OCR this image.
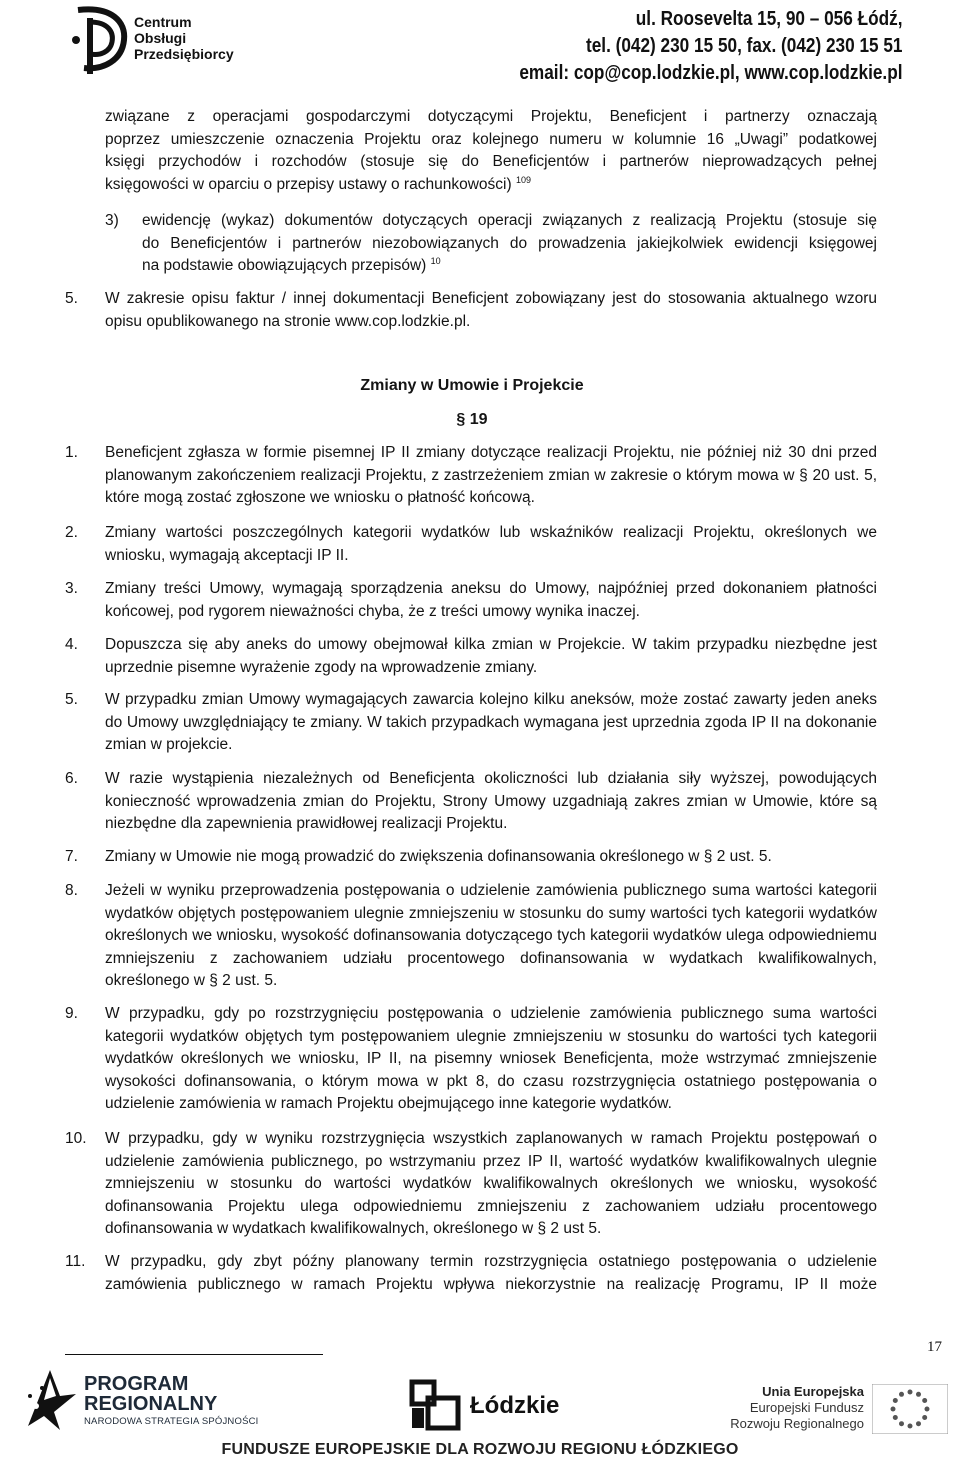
Centrum
Obsługi
Przedsiębiorcy
ul. Roosevelta 15, 90 – 056 Łódź,
tel. (042) 230 15 50, fax. (042) 230 15 51
email: cop@cop.lodzkie.pl, www.cop.lodzkie.pl
związane z operacjami gospodarczymi dotyczącymi Projektu, Beneficjent i partnerzy oznaczają
poprzez umieszczenie oznaczenia Projektu oraz kolejnego numeru w kolumnie 16 „Uwagi” podatkowej
księgi przychodów i rozchodów (stosuje się do Beneficjentów i partnerów nieprowadzących pełnej
księgowości w oparciu o przepisy ustawy o rachunkowości) $^{109}$
3) ewidencję (wykaz) dokumentów dotyczących operacji związanych z realizacją Projektu (stosuje się
do Beneficjentów i partnerów niezobowiązanych do prowadzenia jakiejkolwiek ewidencji księgowej
na podstawie obowiązujących przepisów) $^{10}$
5. W zakresie opisu faktur / innej dokumentacji Beneficjent zobowiązany jest do stosowania aktualnego wzoru opisu opublikowanego na stronie www.cop.lodzkie.pl.
Zmiany w Umowie i Projekcie
§ 19
1. Beneficjent zgłasza w formie pisemnej IP II zmiany dotyczące realizacji Projektu, nie później niż 30 dni przed planowanym zakończeniem realizacji Projektu, z zastrzeżeniem zmian w zakresie o którym mowa w § 20 ust. 5, które mogą zostać zgłoszone we wniosku o płatność końcową.
2. Zmiany wartości poszczególnych kategorii wydatków lub wskaźników realizacji Projektu, określonych we wniosku, wymagają akceptacji IP II.
3. Zmiany treści Umowy, wymagają sporządzenia aneksu do Umowy, najpóźniej przed dokonaniem płatności końcowej, pod rygorem nieważności chyba, że z treści umowy wynika inaczej.
4. Dopuszcza się aby aneks do umowy obejmował kilka zmian w Projekcie. W takim przypadku niezbędne jest uprzednie pisemne wyrażenie zgody na wprowadzenie zmiany.
5. W przypadku zmian Umowy wymagających zawarcia kolejno kilku aneksów, może zostać zawarty jeden aneks do Umowy uwzględniający te zmiany. W takich przypadkach wymagana jest uprzednia zgoda IP II na dokonanie zmian w projekcie.
6. W razie wystąpienia niezależnych od Beneficjenta okoliczności lub działania siły wyższej, powodujących konieczność wprowadzenia zmian do Projektu, Strony Umowy uzgadniają zakres zmian w Umowie, które są niezbędne dla zapewnienia prawidłowej realizacji Projektu.
7. Zmiany w Umowie nie mogą prowadzić do zwiększenia dofinansowania określonego w § 2 ust. 5.
8. Jeżeli w wyniku przeprowadzenia postępowania o udzielenie zamówienia publicznego suma wartości kategorii wydatków objętych postępowaniem ulegnie zmniejszeniu w stosunku do sumy wartości tych kategorii wydatków określonych we wniosku, wysokość dofinansowania dotyczącego tych kategorii wydatków ulega odpowiedniemu zmniejszeniu z zachowaniem udziału procentowego dofinansowania w wydatkach kwalifikowalnych, określonego w § 2 ust. 5.
9. W przypadku, gdy po rozstrzygnięciu postępowania o udzielenie zamówienia publicznego suma wartości kategorii wydatków objętych tym postępowaniem ulegnie zmniejszeniu w stosunku do wartości tych kategorii wydatków określonych we wniosku, IP II, na pisemny wniosek Beneficjenta, może wstrzymać zmniejszenie wysokości dofinansowania, o którym mowa w pkt 8, do czasu rozstrzygnięcia ostatniego postępowania o udzielenie zamówienia w ramach Projektu obejmującego inne kategorie wydatków.
10. W przypadku, gdy w wyniku rozstrzygnięcia wszystkich zaplanowanych w ramach Projektu postępowań o udzielenie zamówienia publicznego, po wstrzymaniu przez IP II, wartość wydatków kwalifikowalnych ulegnie zmniejszeniu w stosunku do wartości wydatków kwalifikowalnych określonych we wniosku, wysokość dofinansowania Projektu ulega odpowiedniemu zmniejszeniu z zachowaniem udziału procentowego dofinansowania w wydatkach kwalifikowalnych, określonego w § 2 ust 5.
11. W przypadku, gdy zbyt późny planowany termin rozstrzygnięcia ostatniego postępowania o udzielenie zamówienia publicznego w ramach Projektu wpływa niekorzystnie na realizację Programu, IP II może
17
PROGRAM
REGIONALNY
NARODOWA STRATEGIA SPÓJNOŚCI
Łódzkie
Unia Europejska
Europejski Fundusz
Rozwoju Regionalnego
FUNDUSZE EUROPEJSKIE DLA ROZWOJU REGIONU ŁÓDZKIEGO
